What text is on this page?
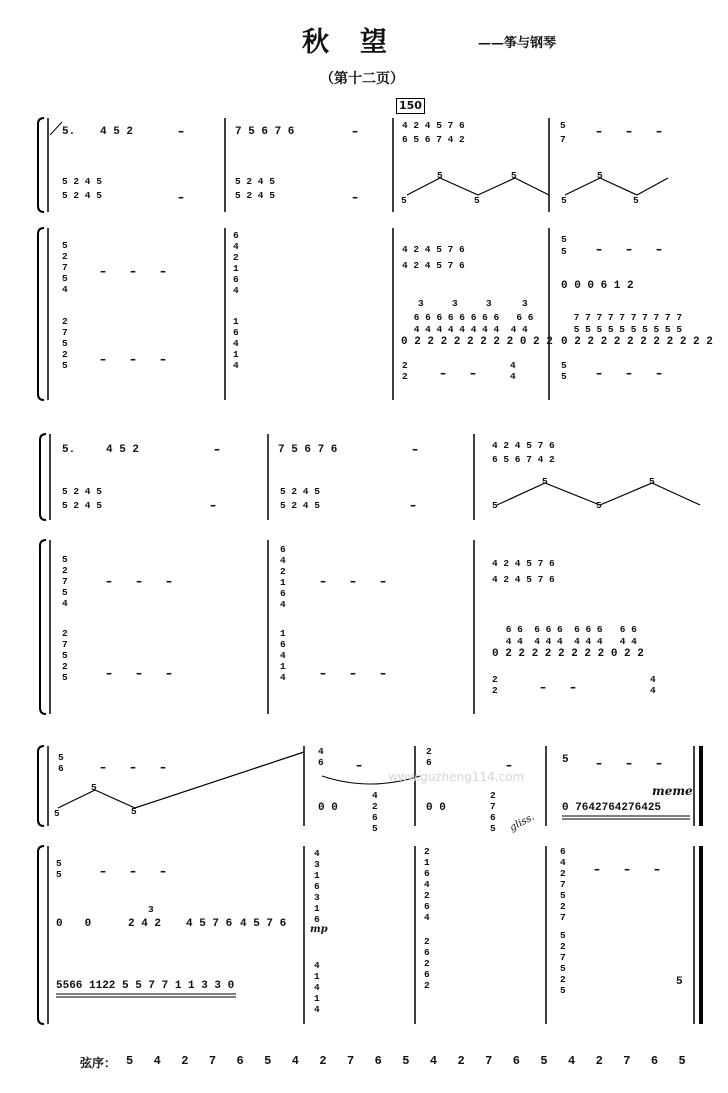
秋　望	——筝与钢琴
（第十二页）
150
5. 4 5 2	–	7 5 6 7 6	–	4 2 4 5 7 6
6 5 6 7 4 2
5
7
–　　–　　–
5 2 4 5
5 2 4 5	–
5 2 4 5
5 2 4 5	–	5
5
5
5
5
5
5
5
2
7
5
4
–　　–　　–
6
4
2
1
6
4
4 2 4 5 7 6
4 2 4 5 7 6
5
5 –　　–　　–
0 0 0 6 1 2
2
7
5
2
5	–　　–　　–
1
6
4
1
4
3	3	3	3
6 6 6 6 6 6 6 6   6 6
4 4 4 4 4 4 4 4  4 4
0 2 2 2 2 2 2 2 2 0 2 2
7 7 7 7 7 7 7 7 7 7
5 5 5 5 5 5 5 5 5 5
0 2 2 2 2 2 2 2 2 2 2 2
2
2	–　　–
4
4
5
5 –　　–　　–
5.	4 5 2	–	7 5 6 7 6	–	4 2 4 5 7 6
6 5 6 7 4 2
5 2 4 5
5 2 4 5	–
5 2 4 5
5 2 4 5	–	5
5
5
5
5
2
7
5
4
–　　–　　–
6
4
2
1
6
4
–　　–　　–
4 2 4 5 7 6
4 2 4 5 7 6
2
7
5
2
5	–　　–　　–
1
6
4
1
4	–　　–　　–
6 6  6 6 6  6 6 6   6 6
4 4  4 4 4  4 4 4   4 4
0 2 2 2 2 2 2 2 2 0 2 2
2
2	–　　–
4
4
5
6	–　　–　　–
4
6	–
2
6	–	5 –　　–　　–
5
5
5	0 0
4
2
6
5
0 0
2
7
6
5 gliss.
www.guzheng114.com
meme
0 7642764276425
5
5	–　　–　　–
0　　0
3
2 4 2 4 5 7 6 4 5 7 6
4
3
1
6
3
1
6
mp
2
1
6
4
2
6
4
6
4
2
7
5
2
7
–　　–　　–
5566 1122 5 5 7 7 1 1 3 3 0
4
1
4
1
4
2
6
2
6
2
5
2
7
5
2
5
5
弦序： 5 4 2 7 6 5 4 2 7 6 5 4 2 7 6 5 4 2 7 6 5
